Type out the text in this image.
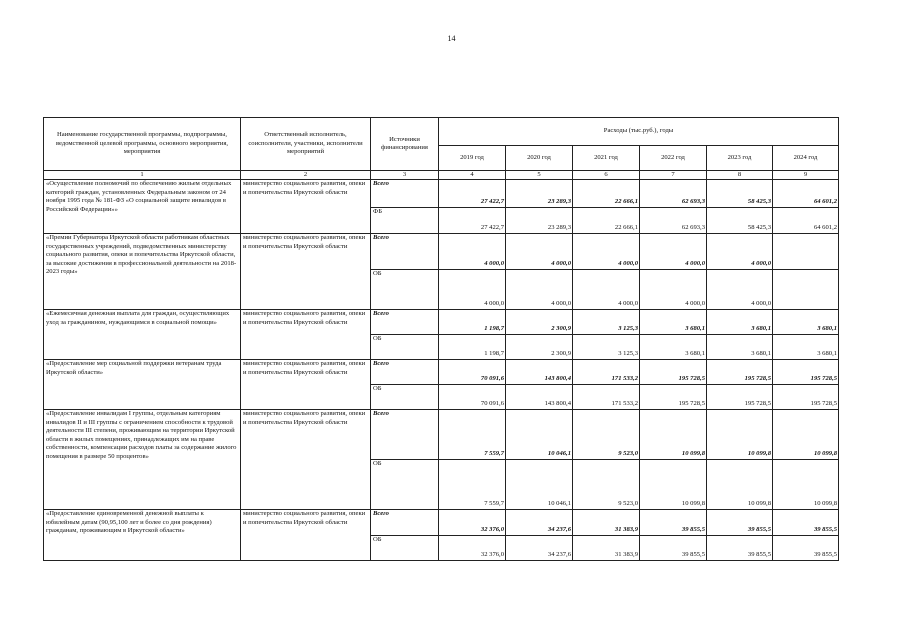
14
Наименование государственной программы, подпрограммы, ведомственной целевой программы, основного мероприятия, мероприятия	Ответственный исполнитель, соисполнители, участники, исполнители мероприятий	Источники финансирования	Расходы (тыс.руб.), годы					
			2019 год	2020 год	2021 год	2022 год	2023 год	2024 год
1	2	3	4	5	6	7	8	9
«Осуществление полномочий по обеспечению жильем отдельных категорий граждан, установленных Федеральным законом от 24 ноября 1995 года № 181-ФЗ «О социальной защите инвалидов в Российской Федерации»»	министерство социального развития, опеки и попечительства Иркутской области	Всего	27 422,7	23 289,3	22 666,1	62 693,3	58 425,3	64 601,2
		ФБ	27 422,7	23 289,3	22 666,1	62 693,3	58 425,3	64 601,2
«Премии Губернатора Иркутской области работникам областных государственных учреждений, подведомственных министерству социального развития, опеки и попечительства Иркутской области, за высокие достижения в профессиональной деятельности на 2018-2023 годы»	министерство социального развития, опеки и попечительства Иркутской области	Всего	4 000,0	4 000,0	4 000,0	4 000,0	4 000,0	
		ОБ	4 000,0	4 000,0	4 000,0	4 000,0	4 000,0	
«Ежемесячная денежная выплата для граждан, осуществляющих уход за гражданином, нуждающимся в социальной помощи»	министерство социального развития, опеки и попечительства Иркутской области	Всего	1 198,7	2 300,9	3 125,3	3 680,1	3 680,1	3 680,1
		ОБ	1 198,7	2 300,9	3 125,3	3 680,1	3 680,1	3 680,1
«Предоставление мер социальной поддержки ветеранам труда Иркутской области»	министерство социального развития, опеки и попечительства Иркутской области	Всего	70 091,6	143 800,4	171 533,2	195 728,5	195 728,5	195 728,5
		ОБ	70 091,6	143 800,4	171 533,2	195 728,5	195 728,5	195 728,5
«Предоставление инвалидам I группы, отдельным категориям инвалидов II и III группы с ограничением способности к трудовой деятельности III степени, проживающим на территории Иркутской области в жилых помещениях, принадлежащих им на праве собственности, компенсации расходов платы за содержание жилого помещения в размере 50 процентов»	министерство социального развития, опеки и попечительства Иркутской области	Всего	7 559,7	10 046,1	9 523,0	10 099,8	10 099,8	10 099,8
		ОБ	7 559,7	10 046,1	9 523,0	10 099,8	10 099,8	10 099,8
«Предоставление единовременной денежной выплаты к юбилейным датам (90,95,100 лет и более со дня рождения) гражданам, проживающим в Иркутской области»	министерство социального развития, опеки и попечительства Иркутской области	Всего	32 376,0	34 237,6	31 383,9	39 855,5	39 855,5	39 855,5
		ОБ	32 376,0	34 237,6	31 383,9	39 855,5	39 855,5	39 855,5
